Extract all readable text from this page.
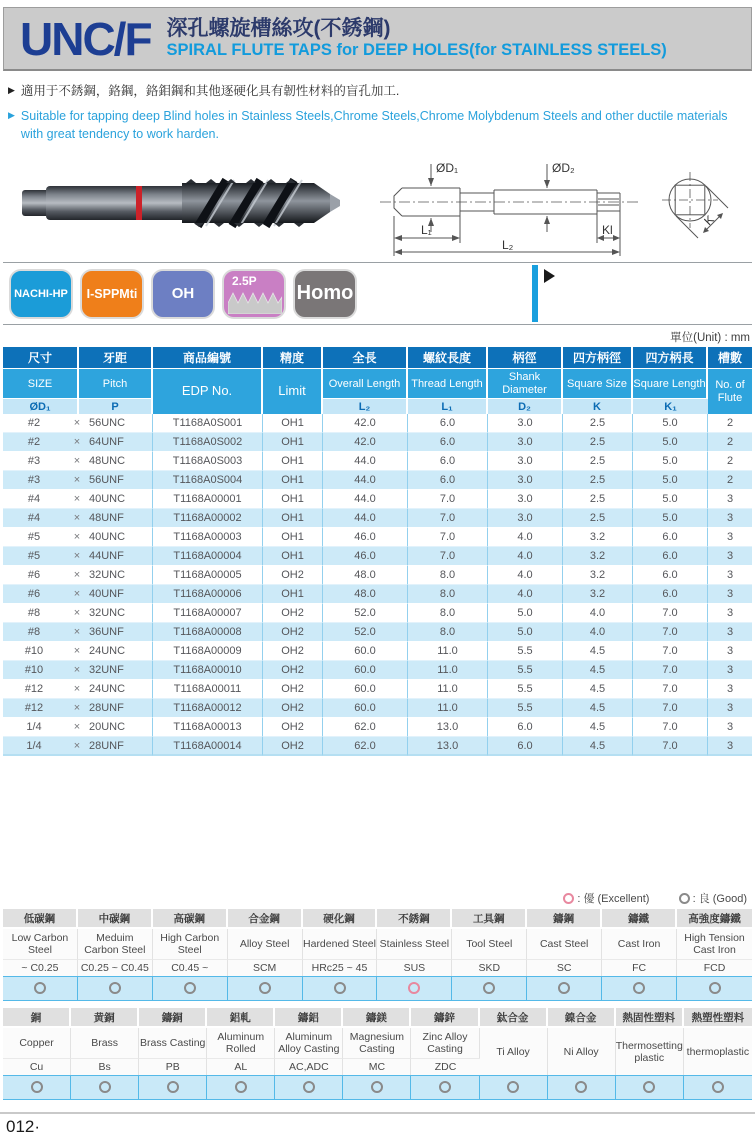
UNC/F 深孔螺旋槽絲攻(不銹鋼)
SPIRAL FLUTE TAPS for DEEP HOLES(for STAINLESS STEELS)
▶ 適用于不銹鋼，鉻鋼，鉻鉬鋼和其他逐硬化具有韌性材料的盲孔加工.
▶ Suitable for tapping deep Blind holes in Stainless Steels,Chrome Steels,Chrome Molybdenum Steels and other ductile materials with great tendency to work harden.
ØD₁	ØD₂
L₁	Kl
L₂
K
NACHI-HP I-SPPMti OH
2.5P
Homo
單位(Unit) : mm
尺寸	牙距	商品編號	精度	全長	螺紋長度	柄徑	四方柄徑	四方柄長	槽數
SIZE	Pitch	EDP No.	Limit	Overall Length	Thread Length	Shank Diameter	Square Size	Square Length	No. of Flute
ØD₁	P			L₂	L₁	D₂	K	K₁	

#2 × 56UNC		T1168A0S001	OH1	42.0	6.0	3.0	2.5	5.0	2

#2 × 64UNF		T1168A0S002	OH1	42.0	6.0	3.0	2.5	5.0	2

#3 × 48UNC		T1168A0S003	OH1	44.0	6.0	3.0	2.5	5.0	2

#3 × 56UNF		T1168A0S004	OH1	44.0	6.0	3.0	2.5	5.0	2

#4 × 40UNC		T1168A00001	OH1	44.0	7.0	3.0	2.5	5.0	3

#4 × 48UNF		T1168A00002	OH1	44.0	7.0	3.0	2.5	5.0	3

#5 × 40UNC		T1168A00003	OH1	46.0	7.0	4.0	3.2	6.0	3

#5 × 44UNF		T1168A00004	OH1	46.0	7.0	4.0	3.2	6.0	3

#6 × 32UNC		T1168A00005	OH2	48.0	8.0	4.0	3.2	6.0	3

#6 × 40UNF		T1168A00006	OH1	48.0	8.0	4.0	3.2	6.0	3

#8 × 32UNC		T1168A00007	OH2	52.0	8.0	5.0	4.0	7.0	3

#8 × 36UNF		T1168A00008	OH2	52.0	8.0	5.0	4.0	7.0	3

#10 × 24UNC		T1168A00009	OH2	60.0	11.0	5.5	4.5	7.0	3

#10 × 32UNF		T1168A00010	OH2	60.0	11.0	5.5	4.5	7.0	3

#12 × 24UNC		T1168A00011	OH2	60.0	11.0	5.5	4.5	7.0	3

#12 × 28UNF		T1168A00012	OH2	60.0	11.0	5.5	4.5	7.0	3

1/4 × 20UNC		T1168A00013	OH2	62.0	13.0	6.0	4.5	7.0	3

1/4 × 28UNF		T1168A00014	OH2	62.0	13.0	6.0	4.5	7.0	3
: 優 (Excellent)	: 良 (Good)
低碳鋼	中碳鋼	高碳鋼	合金鋼	硬化鋼	不銹鋼	工具鋼	鑄鋼	鑄鐵	高強度鑄鐵
Low Carbon Steel	Meduim Carbon Steel	High Carbon Steel	Alloy Steel	Hardened Steel	Stainless Steel	Tool Steel	Cast Steel	Cast Iron	High Tension Cast Iron
~ C0.25	C0.25 ~ C0.45	C0.45 ~	SCM	HRc25 ~ 45	SUS	SKD	SC	FC	FCD

銅	黄銅	鑄銅	鋁軋	鑄鋁	鑄鎂	鑄鋅	鈦合金	鎳合金	熱固性塑料	熱塑性塑料
Copper	Brass	Brass Casting	Aluminum Rolled	Aluminum Alloy Casting	Magnesium Casting	Zinc Alloy Casting	Ti Alloy	Ni Alloy	Thermosetting plastic	thermoplastic
Cu	Bs	PB	AL	AC,ADC	MC	ZDC				

012·
